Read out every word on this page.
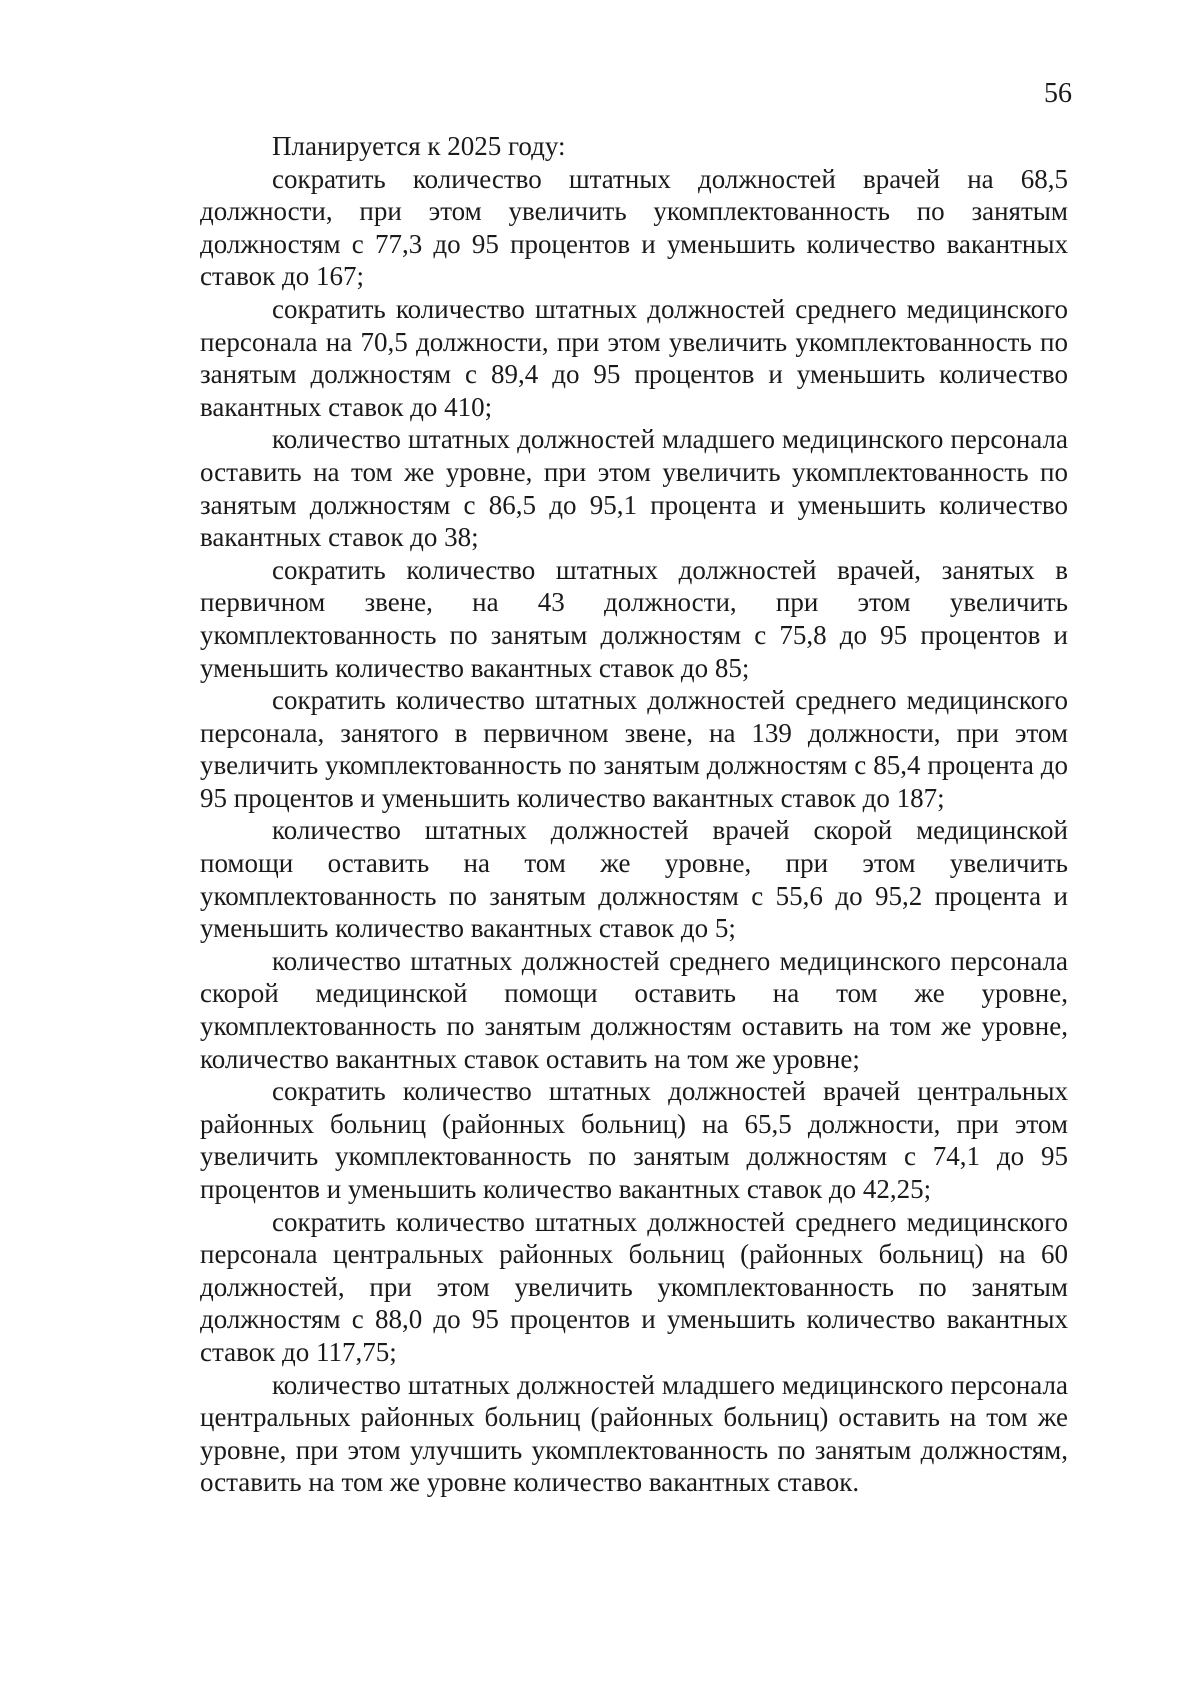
56

Планируется к 2025 году:

сократить количество штатных должностей врачей на 68,5 должности, при этом увеличить укомплектованность по занятым должностям с 77,3 до 95 процентов и уменьшить количество вакантных ставок до 167;

сократить количество штатных должностей среднего медицинского персонала на 70,5 должности, при этом увеличить укомплектованность по занятым должностям с 89,4 до 95 процентов и уменьшить количество вакантных ставок до 410;

количество штатных должностей младшего медицинского персонала оставить на том же уровне, при этом увеличить укомплектованность по занятым должностям с 86,5 до 95,1 процента и уменьшить количество вакантных ставок до 38;

сократить количество штатных должностей врачей, занятых в первичном звене, на 43 должности, при этом увеличить укомплектованность по занятым должностям с 75,8 до 95 процентов и уменьшить количество вакантных ставок до 85;

сократить количество штатных должностей среднего медицинского персонала, занятого в первичном звене, на 139 должности, при этом увеличить укомплектованность по занятым должностям с 85,4 процента до 95 процентов и уменьшить количество вакантных ставок до 187;

количество штатных должностей врачей скорой медицинской помощи оставить на том же уровне, при этом увеличить укомплектованность по занятым должностям с 55,6 до 95,2 процента и уменьшить количество вакантных ставок до 5;

количество штатных должностей среднего медицинского персонала скорой медицинской помощи оставить на том же уровне, укомплектованность по занятым должностям оставить на том же уровне, количество вакантных ставок оставить на том же уровне;

сократить количество штатных должностей врачей центральных районных больниц (районных больниц) на 65,5 должности, при этом увеличить укомплектованность по занятым должностям с 74,1 до 95 процентов и уменьшить количество вакантных ставок до 42,25;

сократить количество штатных должностей среднего медицинского персонала центральных районных больниц (районных больниц) на 60 должностей, при этом увеличить укомплектованность по занятым должностям с 88,0 до 95 процентов и уменьшить количество вакантных ставок до 117,75;

количество штатных должностей младшего медицинского персонала центральных районных больниц (районных больниц) оставить на том же уровне, при этом улучшить укомплектованность по занятым должностям, оставить на том же уровне количество вакантных ставок.
